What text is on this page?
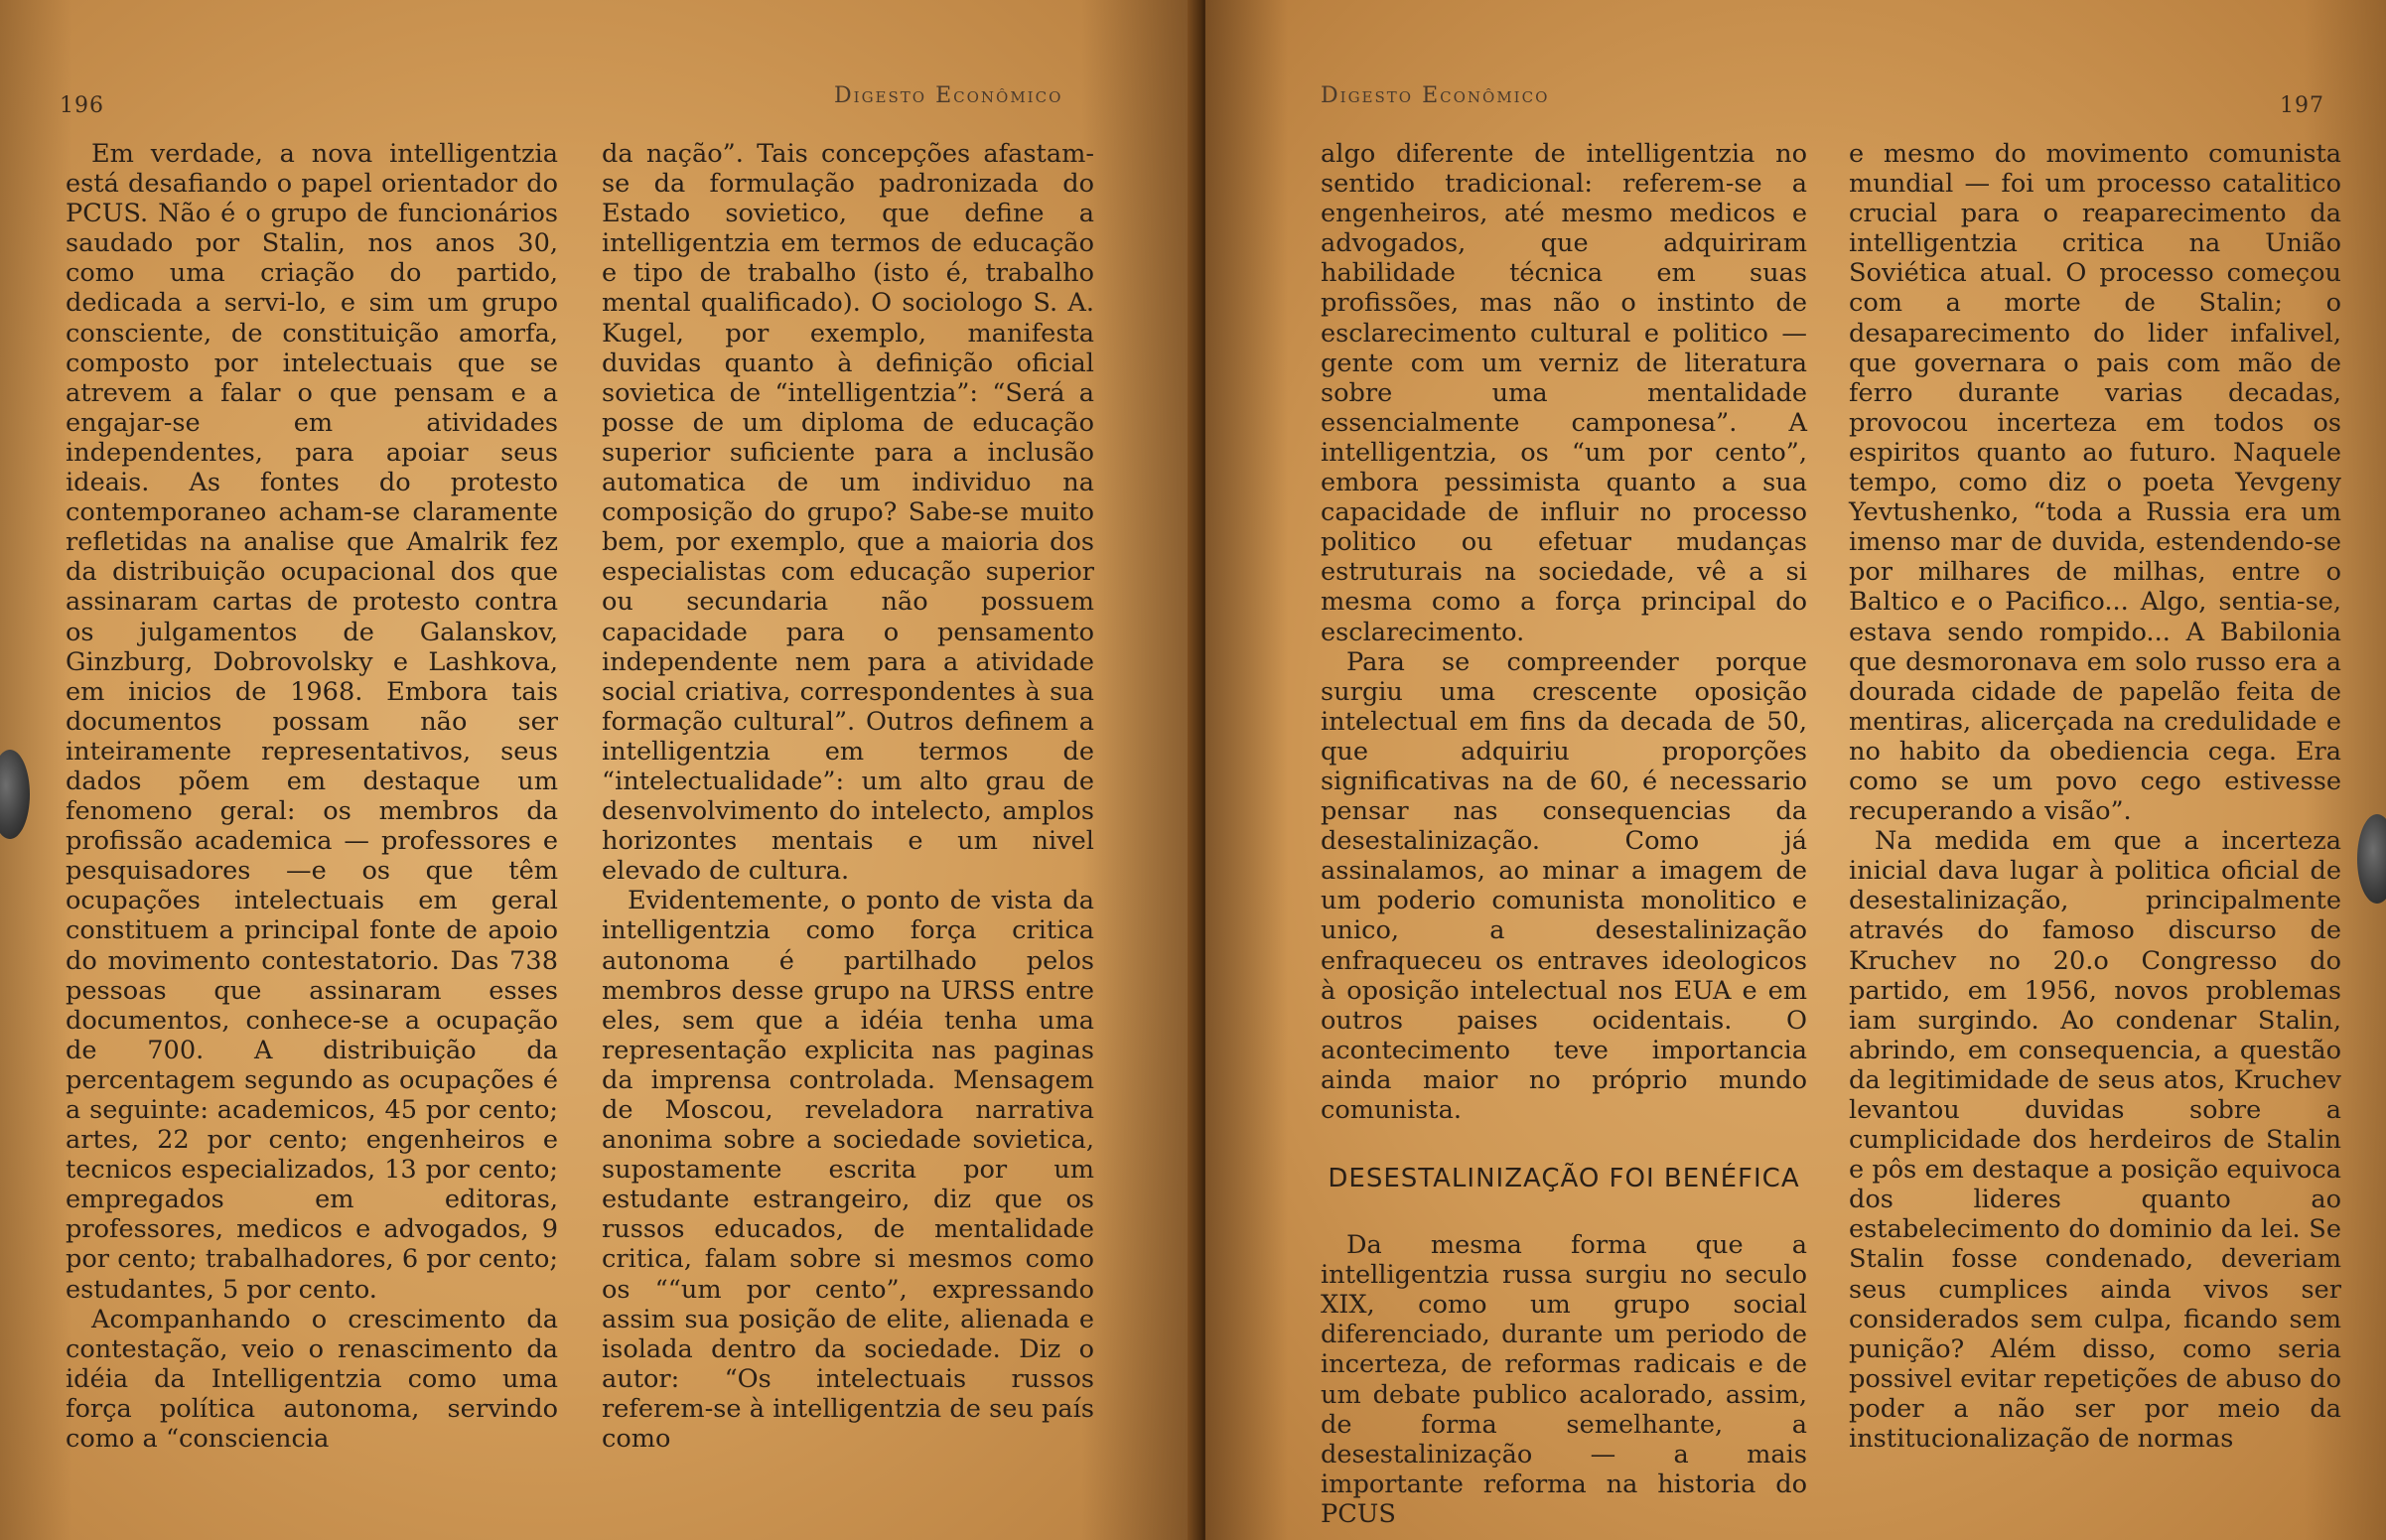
196	Digesto Econômico

Em verdade, a nova intelligentzia está desafiando o papel orientador do PCUS. Não é o grupo de funcionários saudado por Stalin, nos anos 30, como uma criação do partido, dedicada a servi-lo, e sim um grupo consciente, de constituição amorfa, composto por intelectuais que se atrevem a falar o que pensam e a engajar-se em atividades independentes, para apoiar seus ideais. As fontes do protesto contemporaneo acham-se claramente refletidas na analise que Amalrik fez da distribuição ocupacional dos que assinaram cartas de protesto contra os julgamentos de Galanskov, Ginzburg, Dobrovolsky e Lashkova, em inicios de 1968. Embora tais documentos possam não ser inteiramente representativos, seus dados põem em destaque um fenomeno geral: os membros da profissão academica — professores e pesquisadores —e os que têm ocupações intelectuais em geral constituem a principal fonte de apoio do movimento contestatorio. Das 738 pessoas que assinaram esses documentos, conhece-se a ocupação de 700. A distribuição da percentagem segundo as ocupações é a seguinte: academicos, 45 por cento; artes, 22 por cento; engenheiros e tecnicos especializados, 13 por cento; empregados em editoras, professores, medicos e advogados, 9 por cento; trabalhadores, 6 por cento; estudantes, 5 por cento.

Acompanhando o crescimento da contestação, veio o renascimento da idéia da Intelligentzia como uma força política autonoma, servindo como a “consciencia

da nação”. Tais concepções afastam-se da formulação padronizada do Estado sovietico, que define a intelligentzia em termos de educação e tipo de trabalho (isto é, trabalho mental qualificado). O sociologo S. A. Kugel, por exemplo, manifesta duvidas quanto à definição oficial sovietica de “intelligentzia”: “Será a posse de um diploma de educação superior suficiente para a inclusão automatica de um individuo na composição do grupo? Sabe-se muito bem, por exemplo, que a maioria dos especialistas com educação superior ou secundaria não possuem capacidade para o pensamento independente nem para a atividade social criativa, correspondentes à sua formação cultural”. Outros definem a intelligentzia em termos de “intelectualidade”: um alto grau de desenvolvimento do intelecto, amplos horizontes mentais e um nivel elevado de cultura.

Evidentemente, o ponto de vista da intelligentzia como força critica autonoma é partilhado pelos membros desse grupo na URSS entre eles, sem que a idéia tenha uma representação explicita nas paginas da imprensa controlada. Mensagem de Moscou, reveladora narrativa anonima sobre a sociedade sovietica, supostamente escrita por um estudante estrangeiro, diz que os russos educados, de mentalidade critica, falam sobre si mesmos como os ““um por cento”, expressando assim sua posição de elite, alienada e isolada dentro da sociedade. Diz o autor: “Os intelectuais russos referem-se à intelligentzia de seu país como

Digesto Econômico	197

algo diferente de intelligentzia no sentido tradicional: referem-se a engenheiros, até mesmo medicos e advogados, que adquiriram habilidade técnica em suas profissões, mas não o instinto de esclarecimento cultural e politico — gente com um verniz de literatura sobre uma mentalidade essencialmente camponesa”. A intelligentzia, os “um por cento”, embora pessimista quanto a sua capacidade de influir no processo politico ou efetuar mudanças estruturais na sociedade, vê a si mesma como a força principal do esclarecimento.

Para se compreender porque surgiu uma crescente oposição intelectual em fins da decada de 50, que adquiriu proporções significativas na de 60, é necessario pensar nas consequencias da desestalinização. Como já assinalamos, ao minar a imagem de um poderio comunista monolitico e unico, a desestalinização enfraqueceu os entraves ideologicos à oposição intelectual nos EUA e em outros paises ocidentais. O acontecimento teve importancia ainda maior no próprio mundo comunista.

DESESTALINIZAÇÃO FOI BENÉFICA

Da mesma forma que a intelligentzia russa surgiu no seculo XIX, como um grupo social diferenciado, durante um periodo de incerteza, de reformas radicais e de um debate publico acalorado, assim, de forma semelhante, a desestalinização — a mais importante reforma na historia do PCUS

e mesmo do movimento comunista mundial — foi um processo catalitico crucial para o reaparecimento da intelligentzia critica na União Soviética atual. O processo começou com a morte de Stalin; o desaparecimento do lider infalivel, que governara o pais com mão de ferro durante varias decadas, provocou incerteza em todos os espiritos quanto ao futuro. Naquele tempo, como diz o poeta Yevgeny Yevtushenko, “toda a Russia era um imenso mar de duvida, estendendo-se por milhares de milhas, entre o Baltico e o Pacifico... Algo, sentia-se, estava sendo rompido... A Babilonia que desmoronava em solo russo era a dourada cidade de papelão feita de mentiras, alicerçada na credulidade e no habito da obediencia cega. Era como se um povo cego estivesse recuperando a visão”.

Na medida em que a incerteza inicial dava lugar à politica oficial de desestalinização, principalmente através do famoso discurso de Kruchev no 20.o Congresso do partido, em 1956, novos problemas iam surgindo. Ao condenar Stalin, abrindo, em consequencia, a questão da legitimidade de seus atos, Kruchev levantou duvidas sobre a cumplicidade dos herdeiros de Stalin e pôs em destaque a posição equivoca dos lideres quanto ao estabelecimento do dominio da lei. Se Stalin fosse condenado, deveriam seus cumplices ainda vivos ser considerados sem culpa, ficando sem punição? Além disso, como seria possivel evitar repetições de abuso do poder a não ser por meio da institucionalização de normas
